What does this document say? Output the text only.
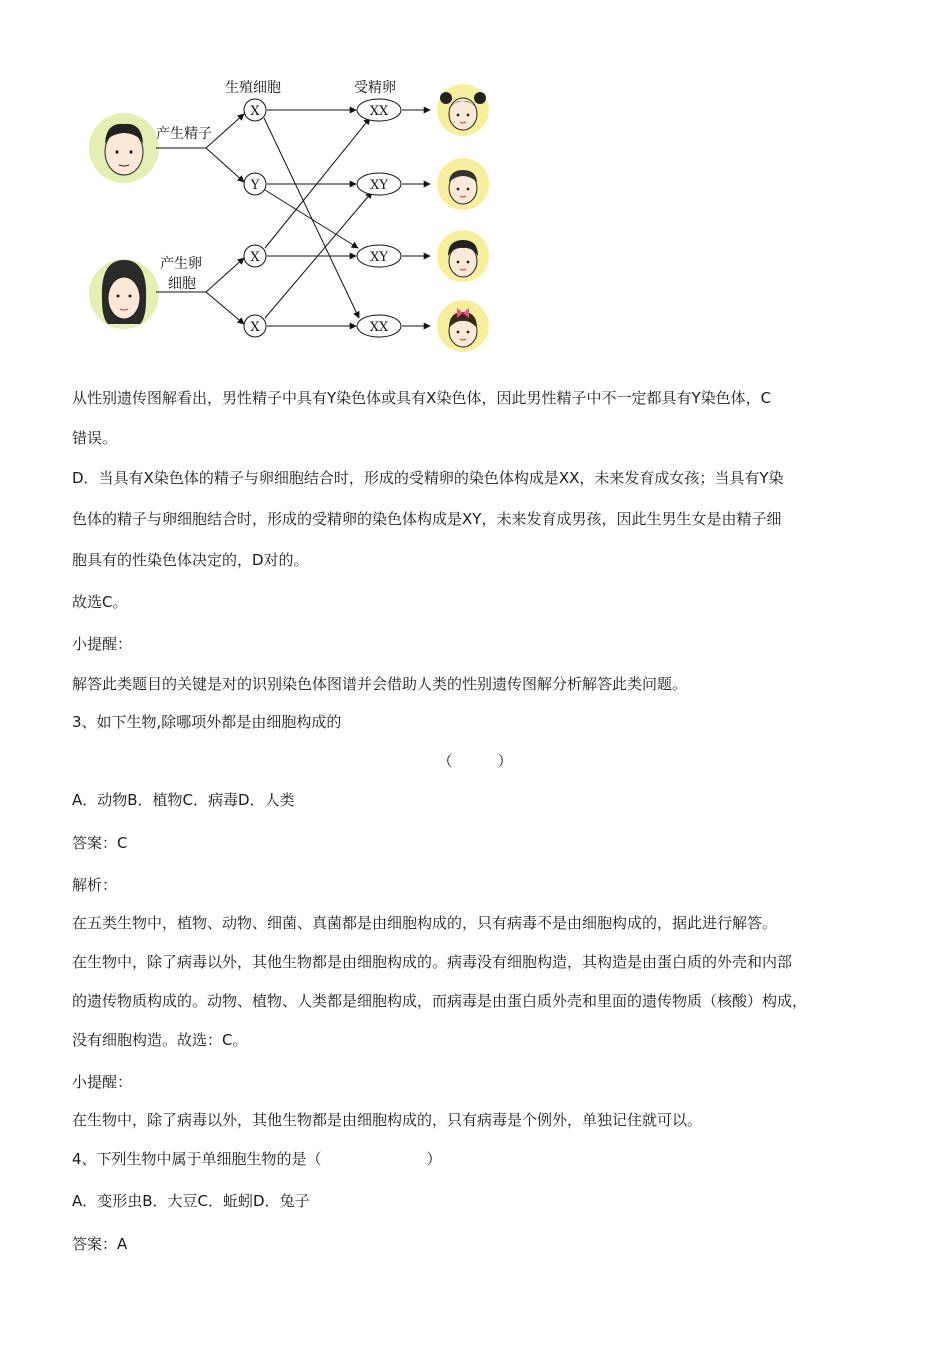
生殖细胞	受精卵
产生精子
产生卵
细胞
X
Y
X
X
XX
XY
XY
XX
从性别遗传图解看出，男性精子中具有Y染色体或具有X染色体，因此男性精子中不一定都具有Y染色体，C
错误。
D．当具有X染色体的精子与卵细胞结合时，形成的受精卵的染色体构成是XX，未来发育成女孩；当具有Y染
色体的精子与卵细胞结合时，形成的受精卵的染色体构成是XY，未来发育成男孩，因此生男生女是由精子细
胞具有的性染色体决定的，D对的。
故选C。
小提醒：
解答此类题目的关键是对的识别染色体图谱并会借助人类的性别遗传图解分析解答此类问题。
3、如下生物,除哪项外都是由细胞构成的
（　　　）
A．动物B．植物C．病毒D．人类
答案：C
解析：
在五类生物中，植物、动物、细菌、真菌都是由细胞构成的，只有病毒不是由细胞构成的，据此进行解答。
在生物中，除了病毒以外，其他生物都是由细胞构成的。病毒没有细胞构造，其构造是由蛋白质的外壳和内部
的遗传物质构成的。动物、植物、人类都是细胞构成，而病毒是由蛋白质外壳和里面的遗传物质（核酸）构成，
没有细胞构造。故选：C。
小提醒：
在生物中，除了病毒以外，其他生物都是由细胞构成的，只有病毒是个例外，单独记住就可以。
4、下列生物中属于单细胞生物的是（　　　　　　　）
A．变形虫B．大豆C．蚯蚓D．兔子
答案：A
